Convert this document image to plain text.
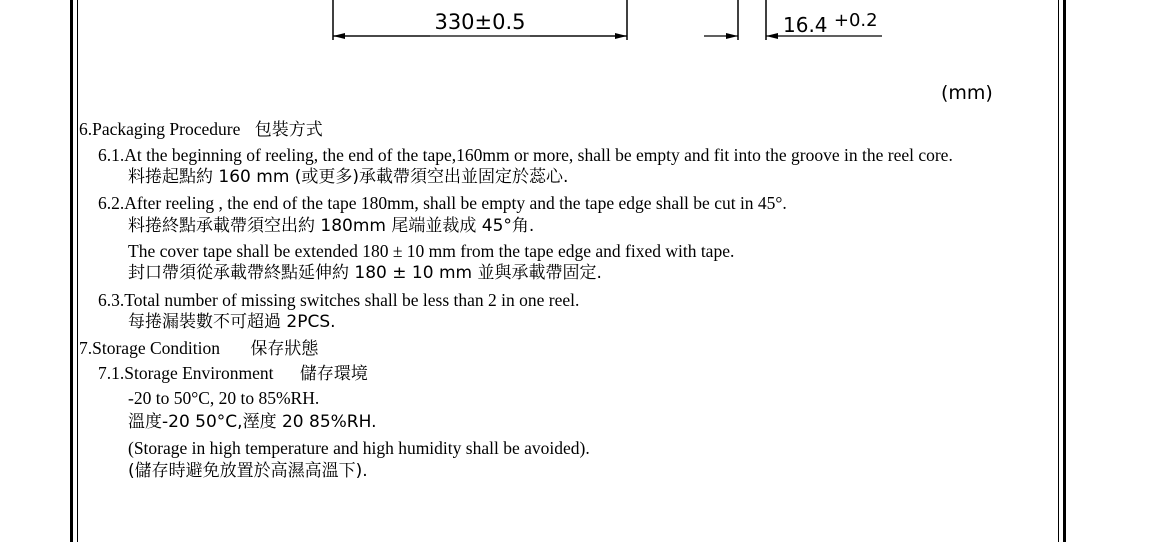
330±0.5	16.4 +0.2
(mm)
6.Packaging Procedure 包裝方式
6.1.At the beginning of reeling, the end of the tape,160mm or more, shall be empty and fit into the groove in the reel core.
料捲起點約 160 mm (或更多)承載帶須空出並固定於蕊心.
6.2.After reeling , the end of the tape 180mm, shall be empty and the tape edge shall be cut in 45°.
料捲終點承載帶須空出約 180mm 尾端並裁成 45°角.
The cover tape shall be extended 180 ± 10 mm from the tape edge and fixed with tape.
封口帶須從承載帶終點延伸約 180 ± 10 mm 並與承載帶固定.
6.3.Total number of missing switches shall be less than 2 in one reel.
每捲漏裝數不可超過 2PCS.
7.Storage Condition 保存狀態
7.1.Storage Environment 儲存環境
-20 to 50°C, 20 to 85%RH.
溫度-20 50°C,溼度 20 85%RH.
(Storage in high temperature and high humidity shall be avoided).
(儲存時避免放置於高濕高溫下).
